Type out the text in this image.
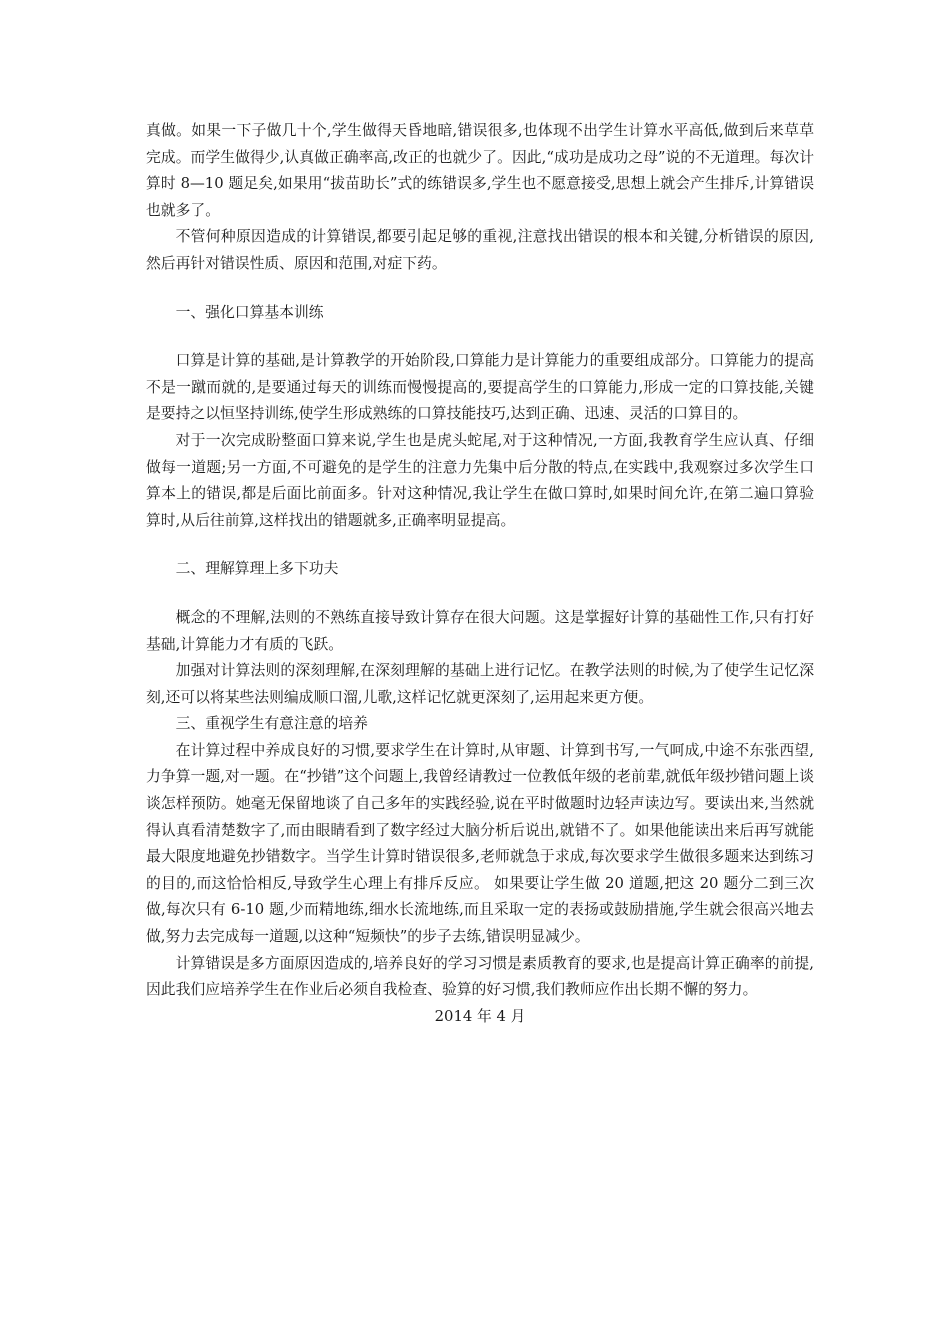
真做。如果一下子做几十个,学生做得天昏地暗,错误很多,也体现不出学生计算水平高低,做到后来草草完成。而学生做得少,认真做正确率高,改正的也就少了。因此,“成功是成功之母”说的不无道理。每次计算时 8—10 题足矣,如果用“拔苗助长”式的练错误多,学生也不愿意接受,思想上就会产生排斥,计算错误也就多了。

不管何种原因造成的计算错误,都要引起足够的重视,注意找出错误的根本和关键,分析错误的原因,然后再针对错误性质、原因和范围,对症下药。

一、强化口算基本训练

口算是计算的基础,是计算教学的开始阶段,口算能力是计算能力的重要组成部分。口算能力的提高不是一蹴而就的,是要通过每天的训练而慢慢提高的,要提高学生的口算能力,形成一定的口算技能,关键是要持之以恒坚持训练,使学生形成熟练的口算技能技巧,达到正确、迅速、灵活的口算目的。

对于一次完成盼整面口算来说,学生也是虎头蛇尾,对于这种情况,一方面,我教育学生应认真、仔细做每一道题;另一方面,不可避免的是学生的注意力先集中后分散的特点,在实践中,我观察过多次学生口算本上的错误,都是后面比前面多。针对这种情况,我让学生在做口算时,如果时间允许,在第二遍口算验算时,从后往前算,这样找出的错题就多,正确率明显提高。

二、理解算理上多下功夫

概念的不理解,法则的不熟练直接导致计算存在很大问题。这是掌握好计算的基础性工作,只有打好基础,计算能力才有质的飞跃。

加强对计算法则的深刻理解,在深刻理解的基础上进行记忆。在教学法则的时候,为了使学生记忆深刻,还可以将某些法则编成顺口溜,儿歌,这样记忆就更深刻了,运用起来更方便。

三、重视学生有意注意的培养

在计算过程中养成良好的习惯,要求学生在计算时,从审题、计算到书写,一气呵成,中途不东张西望,力争算一题,对一题。在“抄错”这个问题上,我曾经请教过一位教低年级的老前辈,就低年级抄错问题上谈谈怎样预防。她毫无保留地谈了自己多年的实践经验,说在平时做题时边轻声读边写。要读出来,当然就得认真看清楚数字了,而由眼睛看到了数字经过大脑分析后说出,就错不了。如果他能读出来后再写就能最大限度地避免抄错数字。当学生计算时错误很多,老师就急于求成,每次要求学生做很多题来达到练习的目的,而这恰恰相反,导致学生心理上有排斥反应。 如果要让学生做 20 道题,把这 20 题分二到三次做,每次只有 6-10 题,少而精地练,细水长流地练,而且采取一定的表扬或鼓励措施,学生就会很高兴地去做,努力去完成每一道题,以这种“短频快”的步子去练,错误明显减少。

计算错误是多方面原因造成的,培养良好的学习习惯是素质教育的要求,也是提高计算正确率的前提,因此我们应培养学生在作业后必须自我检查、验算的好习惯,我们教师应作出长期不懈的努力。

2014 年 4 月
